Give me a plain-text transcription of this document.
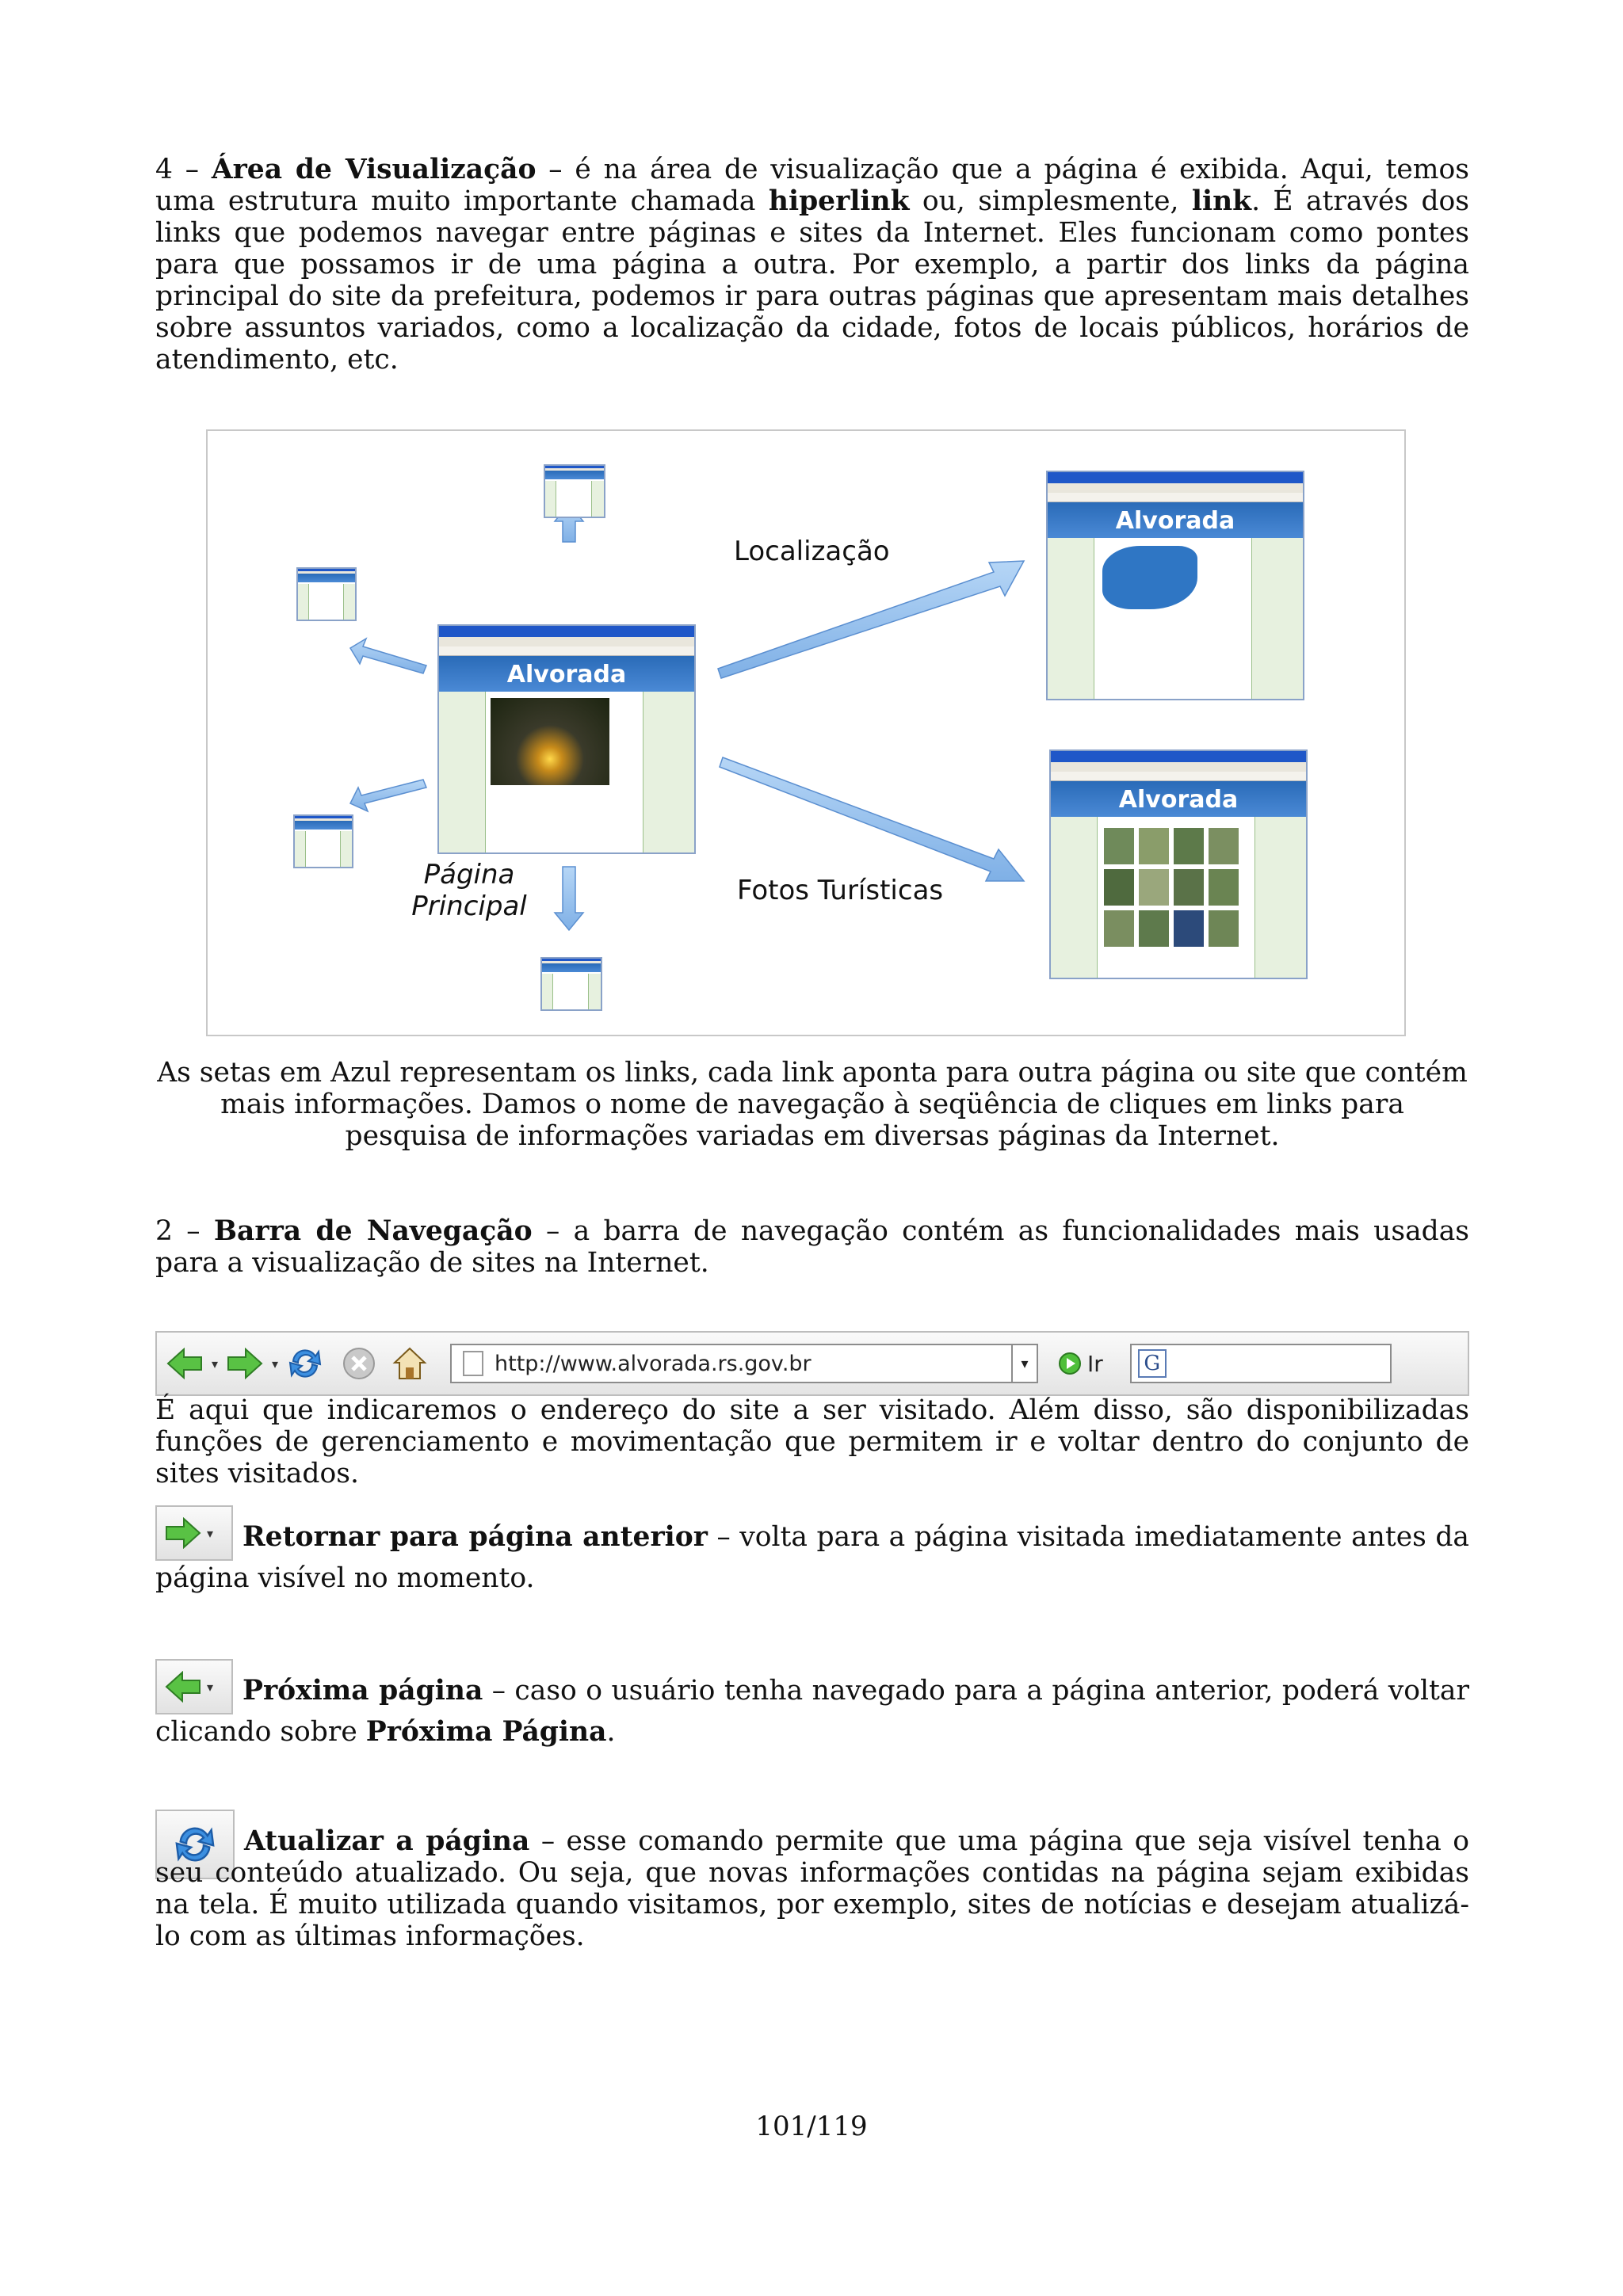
4 – Área de Visualização – é na área de visualização que a página é exibida. Aqui, temos uma estrutura muito importante chamada hiperlink ou, simplesmente, link. É através dos links que podemos navegar entre páginas e sites da Internet. Eles funcionam como pontes para que possamos ir de uma página a outra. Por exemplo, a partir dos links da página principal do site da prefeitura, podemos ir para outras páginas que apresentam mais detalhes sobre assuntos variados, como a localização da cidade, fotos de locais públicos, horários de atendimento, etc.

Alvorada
Alvorada
Alvorada
Localização
Fotos Turísticas
Página
Principal

As setas em Azul representam os links, cada link aponta para outra página ou site que contém mais informações. Damos o nome de navegação à seqüência de cliques em links para pesquisa de informações variadas em diversas páginas da Internet.

2 – Barra de Navegação – a barra de navegação contém as funcionalidades mais usadas para a visualização de sites na Internet.

▾	▾	http://www.alvorada.rs.gov.br	▾	Ir G

É aqui que indicaremos o endereço do site a ser visitado. Além disso, são disponibilizadas funções de gerenciamento e movimentação que permitem ir e voltar dentro do conjunto de sites visitados.

▾	Retornar para página anterior – volta para a página visitada imediatamente antes da página visível no momento.

▾	Próxima página – caso o usuário tenha navegado para a página anterior, poderá voltar clicando sobre Próxima Página.

Atualizar a página – esse comando permite que uma página que seja visível tenha o seu conteúdo atualizado. Ou seja, que novas informações contidas na página sejam exibidas na tela. É muito utilizada quando visitamos, por exemplo, sites de notícias e desejam atualizá-lo com as últimas informações.

101/119
